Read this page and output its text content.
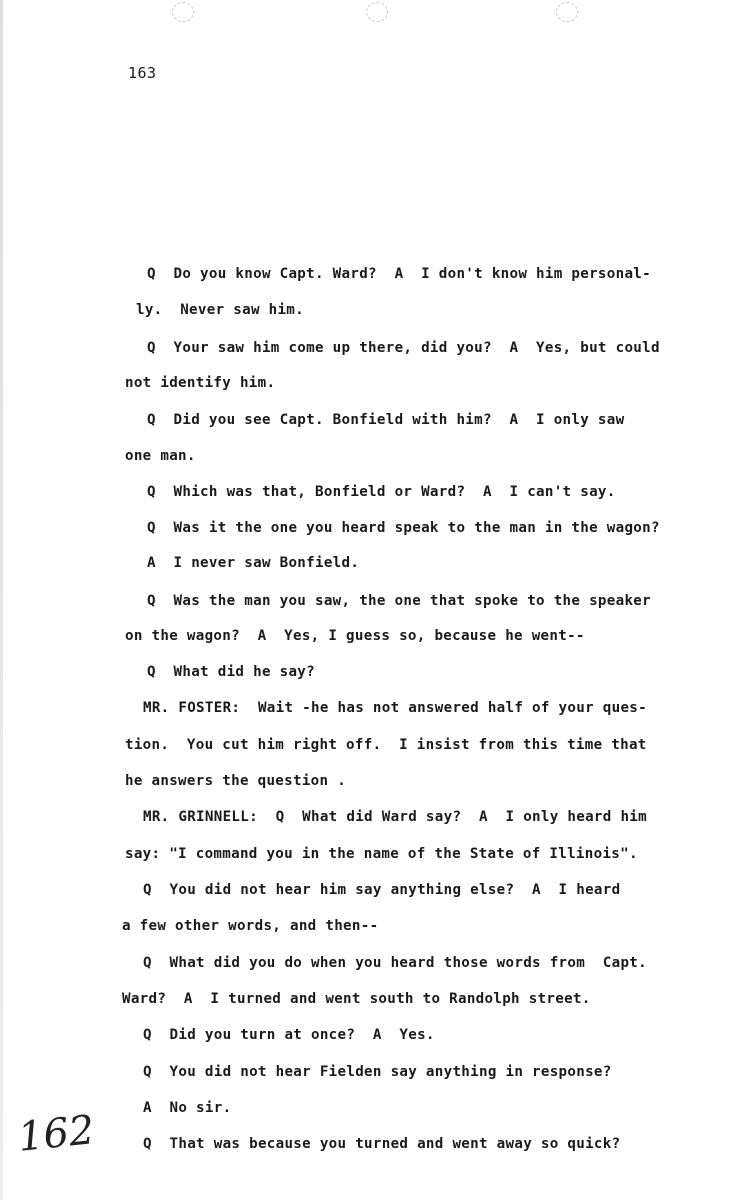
163
Q  Do you know Capt. Ward?  A  I don't know him personal-
ly.  Never saw him.
Q  Your saw him come up there, did you?  A  Yes, but could
not identify him.
Q  Did you see Capt. Bonfield with him?  A  I only saw
one man.
Q  Which was that, Bonfield or Ward?  A  I can't say.
Q  Was it the one you heard speak to the man in the wagon?
A  I never saw Bonfield.
Q  Was the man you saw, the one that spoke to the speaker
on the wagon?  A  Yes, I guess so, because he went--
Q  What did he say?
MR. FOSTER:  Wait -he has not answered half of your ques-
tion.  You cut him right off.  I insist from this time that
he answers the question .
MR. GRINNELL:  Q  What did Ward say?  A  I only heard him
say: "I command you in the name of the State of Illinois".
Q  You did not hear him say anything else?  A  I heard
a few other words, and then--
Q  What did you do when you heard those words from  Capt.
Ward?  A  I turned and went south to Randolph street.
Q  Did you turn at once?  A  Yes.
Q  You did not hear Fielden say anything in response?
A  No sir.
Q  That was because you turned and went away so quick?
162
